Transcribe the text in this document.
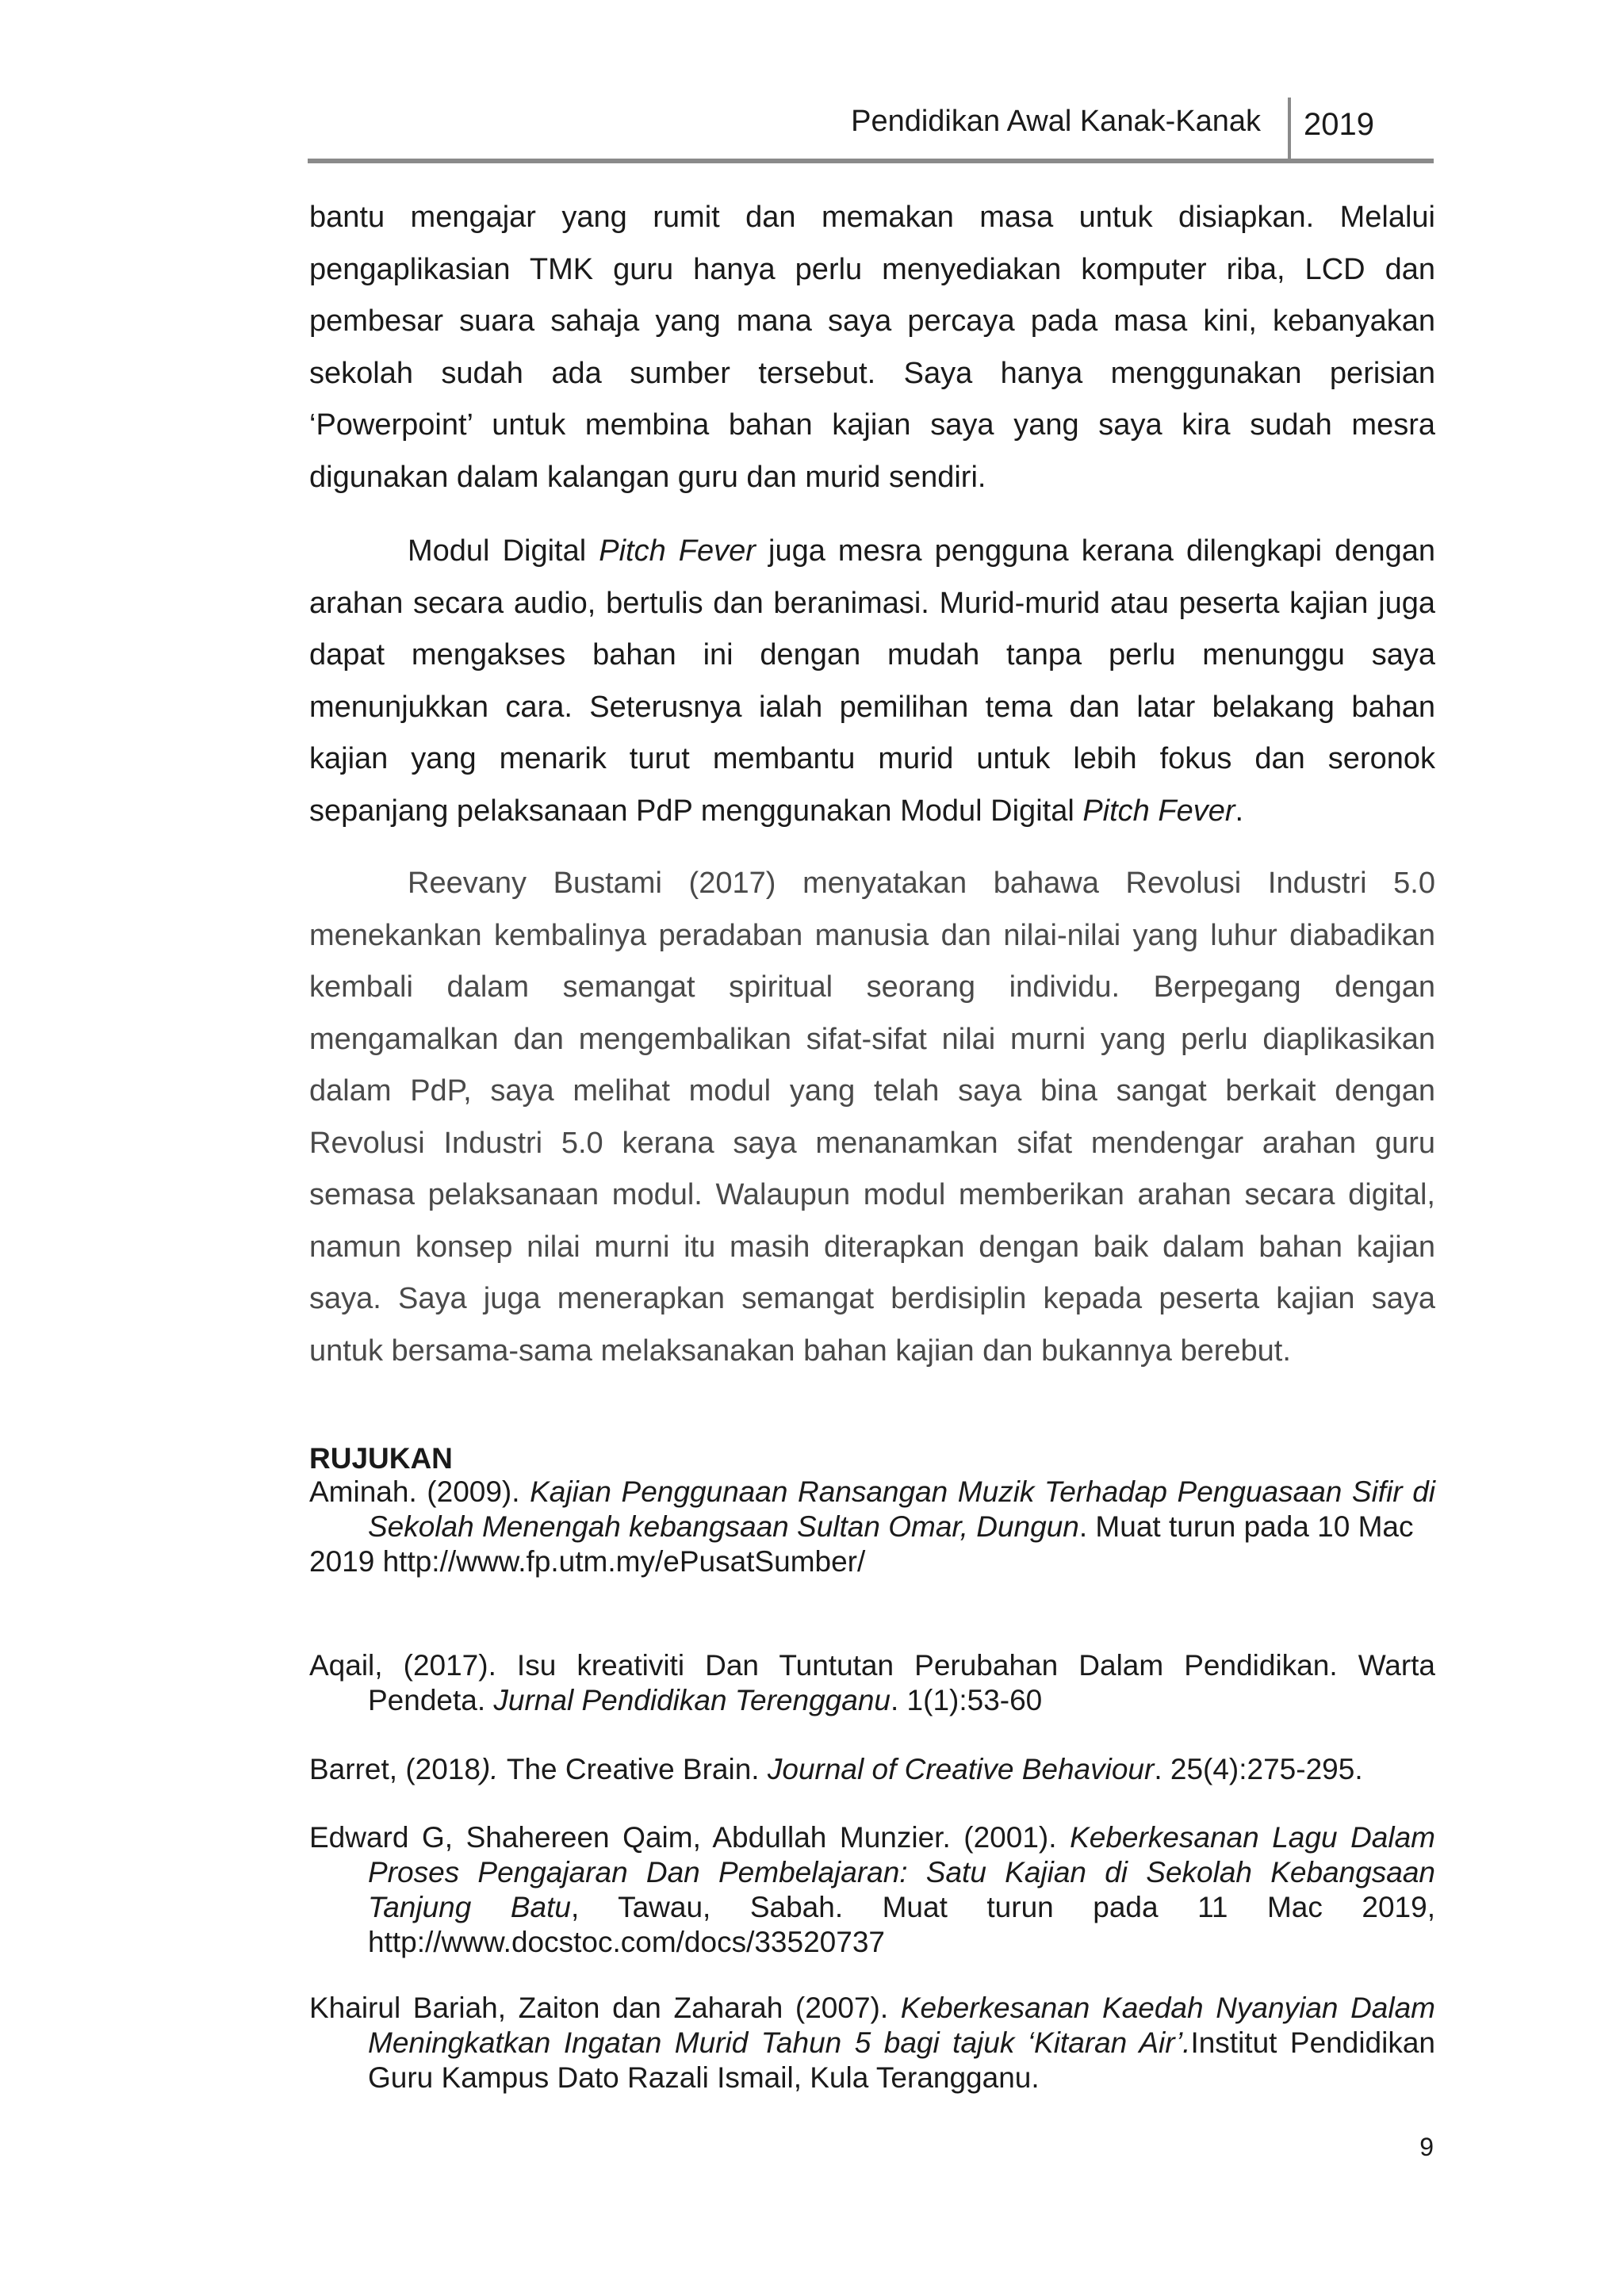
Pendidikan Awal Kanak-Kanak 2019

bantu mengajar yang rumit dan memakan masa untuk disiapkan. Melalui pengaplikasian TMK guru hanya perlu menyediakan komputer riba, LCD dan pembesar suara sahaja yang mana saya percaya pada masa kini, kebanyakan sekolah sudah ada sumber tersebut. Saya hanya menggunakan perisian ‘Powerpoint’ untuk membina bahan kajian saya yang saya kira sudah mesra digunakan dalam kalangan guru dan murid sendiri.

Modul Digital Pitch Fever juga mesra pengguna kerana dilengkapi dengan arahan secara audio, bertulis dan beranimasi. Murid-murid atau peserta kajian juga dapat mengakses bahan ini dengan mudah tanpa perlu menunggu saya menunjukkan cara. Seterusnya ialah pemilihan tema dan latar belakang bahan kajian yang menarik turut membantu murid untuk lebih fokus dan seronok sepanjang pelaksanaan PdP menggunakan Modul Digital Pitch Fever.

Reevany Bustami (2017) menyatakan bahawa Revolusi Industri 5.0 menekankan kembalinya peradaban manusia dan nilai-nilai yang luhur diabadikan kembali dalam semangat spiritual seorang individu. Berpegang dengan mengamalkan dan mengembalikan sifat-sifat nilai murni yang perlu diaplikasikan dalam PdP, saya melihat modul yang telah saya bina sangat berkait dengan Revolusi Industri 5.0 kerana saya menanamkan sifat mendengar arahan guru semasa pelaksanaan modul. Walaupun modul memberikan arahan secara digital, namun konsep nilai murni itu masih diterapkan dengan baik dalam bahan kajian saya. Saya juga menerapkan semangat berdisiplin kepada peserta kajian saya untuk bersama-sama melaksanakan bahan kajian dan bukannya berebut.

RUJUKAN

Aminah. (2009). Kajian Penggunaan Ransangan Muzik Terhadap Penguasaan Sifir di Sekolah Menengah kebangsaan Sultan Omar, Dungun. Muat turun pada 10 Mac
2019 http://www.fp.utm.my/ePusatSumber/

Aqail, (2017). Isu kreativiti Dan Tuntutan Perubahan Dalam Pendidikan. Warta Pendeta. Jurnal Pendidikan Terengganu. 1(1):53-60

Barret, (2018). The Creative Brain. Journal of Creative Behaviour. 25(4):275-295.

Edward G, Shahereen Qaim, Abdullah Munzier. (2001). Keberkesanan Lagu Dalam Proses Pengajaran Dan Pembelajaran: Satu Kajian di Sekolah Kebangsaan Tanjung Batu, Tawau, Sabah. Muat turun pada 11 Mac 2019, http://www.docstoc.com/docs/33520737

Khairul Bariah, Zaiton dan Zaharah (2007). Keberkesanan Kaedah Nyanyian Dalam Meningkatkan Ingatan Murid Tahun 5 bagi tajuk ‘Kitaran Air’.Institut Pendidikan Guru Kampus Dato Razali Ismail, Kula Terangganu.

9
